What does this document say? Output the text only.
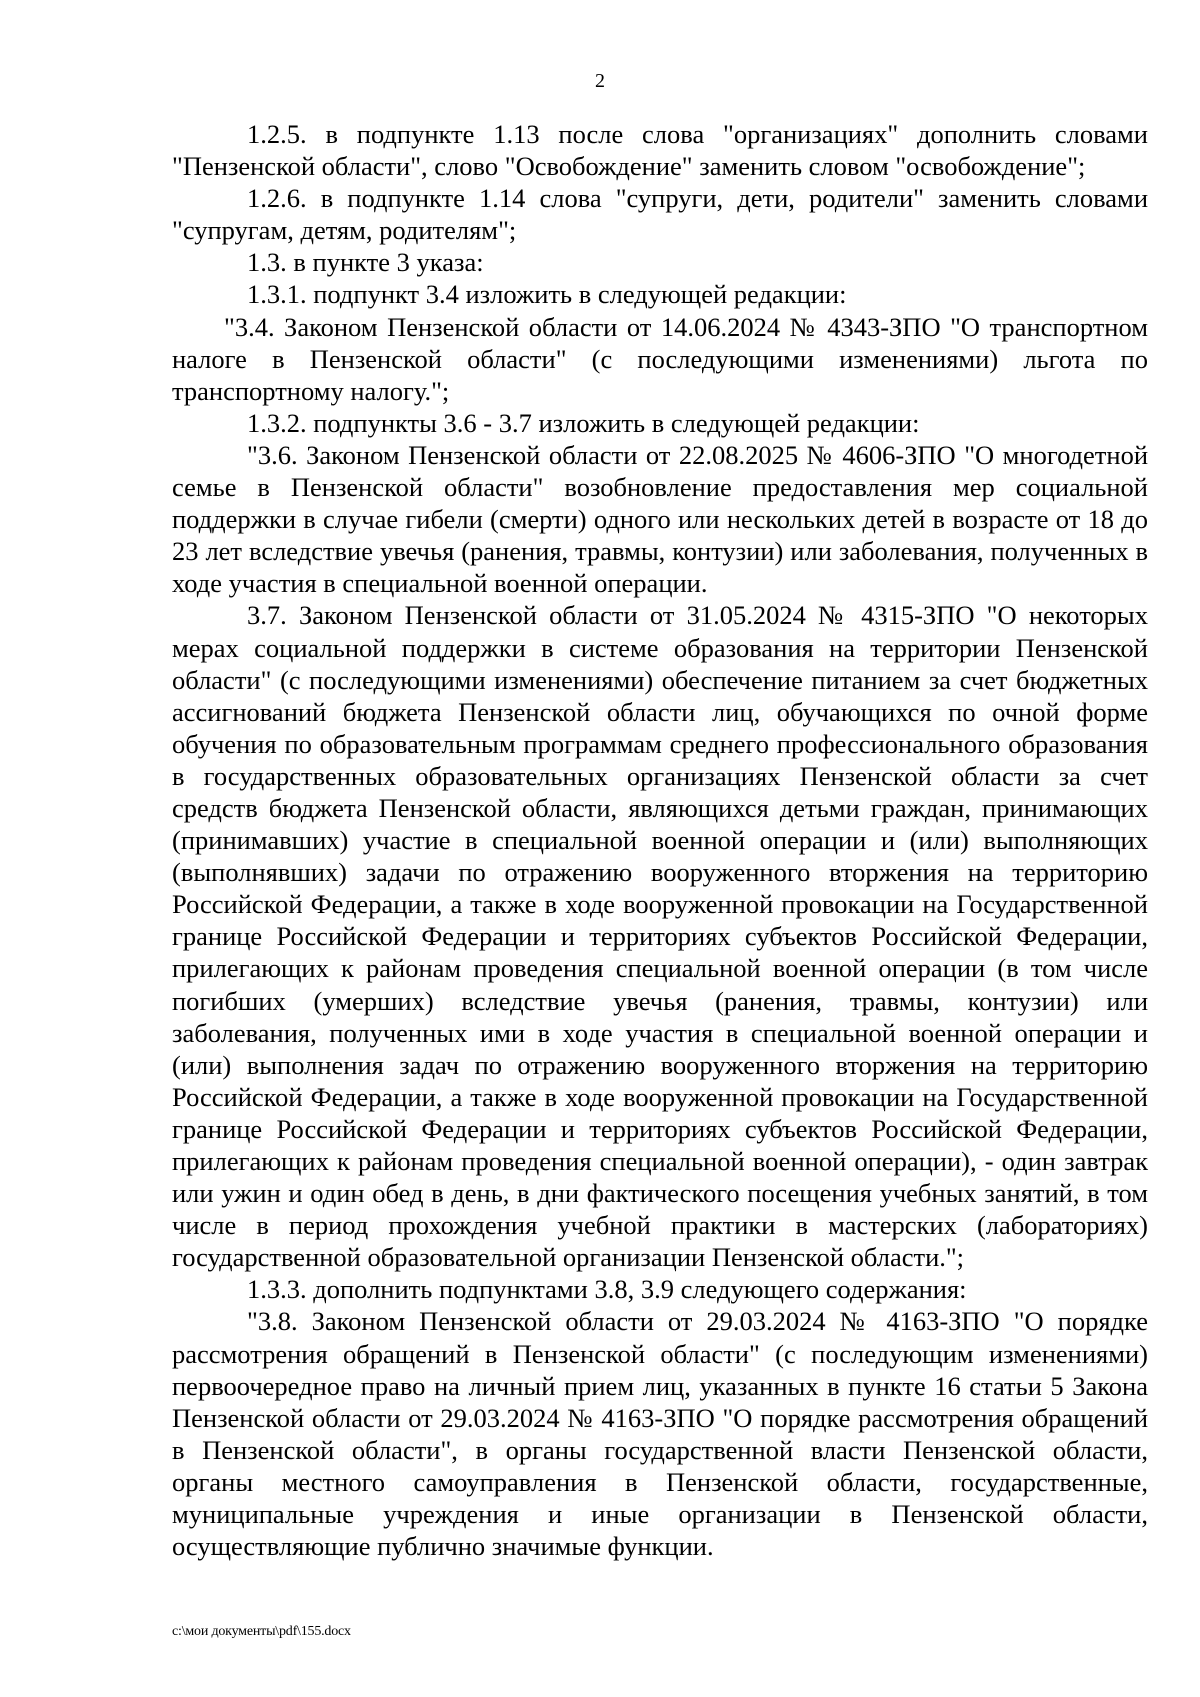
2

1.2.5. в подпункте 1.13 после слова "организациях" дополнить словами "Пензенской области", слово "Освобождение" заменить словом "освобождение";

1.2.6. в подпункте 1.14 слова "супруги, дети, родители" заменить словами "супругам, детям, родителям";

1.3. в пункте 3 указа:

1.3.1. подпункт 3.4 изложить в следующей редакции:

"3.4. Законом Пензенской области от 14.06.2024 № 4343-ЗПО "О транспортном налоге в Пензенской области" (с последующими изменениями) льгота по транспортному налогу.";

1.3.2. подпункты 3.6 - 3.7 изложить в следующей редакции:

"3.6. Законом Пензенской области от 22.08.2025 № 4606-ЗПО "О многодетной семье в Пензенской области" возобновление предоставления мер социальной поддержки в случае гибели (смерти) одного или нескольких детей в возрасте от 18 до 23 лет вследствие увечья (ранения, травмы, контузии) или заболевания, полученных в ходе участия в специальной военной операции.

3.7. Законом Пензенской области от 31.05.2024 № 4315-ЗПО "О некоторых мерах социальной поддержки в системе образования на территории Пензенской области" (с последующими изменениями) обеспечение питанием за счет бюджетных ассигнований бюджета Пензенской области лиц, обучающихся по очной форме обучения по образовательным программам среднего профессионального образования в государственных образовательных организациях Пензенской области за счет средств бюджета Пензенской области, являющихся детьми граждан, принимающих (принимавших) участие в специальной военной операции и (или) выполняющих (выполнявших) задачи по отражению вооруженного вторжения на территорию Российской Федерации, а также в ходе вооруженной провокации на Государственной границе Российской Федерации и территориях субъектов Российской Федерации, прилегающих к районам проведения специальной военной операции (в том числе погибших (умерших) вследствие увечья (ранения, травмы, контузии) или заболевания, полученных ими в ходе участия в специальной военной операции и (или) выполнения задач по отражению вооруженного вторжения на территорию Российской Федерации, а также в ходе вооруженной провокации на Государственной границе Российской Федерации и территориях субъектов Российской Федерации, прилегающих к районам проведения специальной военной операции), - один завтрак или ужин и один обед в день, в дни фактического посещения учебных занятий, в том числе в период прохождения учебной практики в мастерских (лабораториях) государственной образовательной организации Пензенской области.";

1.3.3. дополнить подпунктами 3.8, 3.9 следующего содержания:

"3.8. Законом Пензенской области от 29.03.2024 № 4163-ЗПО "О порядке рассмотрения обращений в Пензенской области" (с последующим изменениями) первоочередное право на личный прием лиц, указанных в пункте 16 статьи 5 Закона Пензенской области от 29.03.2024 № 4163-ЗПО "О порядке рассмотрения обращений в Пензенской области", в органы государственной власти Пензенской области, органы местного самоуправления в Пензенской области, государственные, муниципальные учреждения и иные организации в Пензенской области, осуществляющие публично значимые функции.

c:\мои документы\pdf\155.docx
